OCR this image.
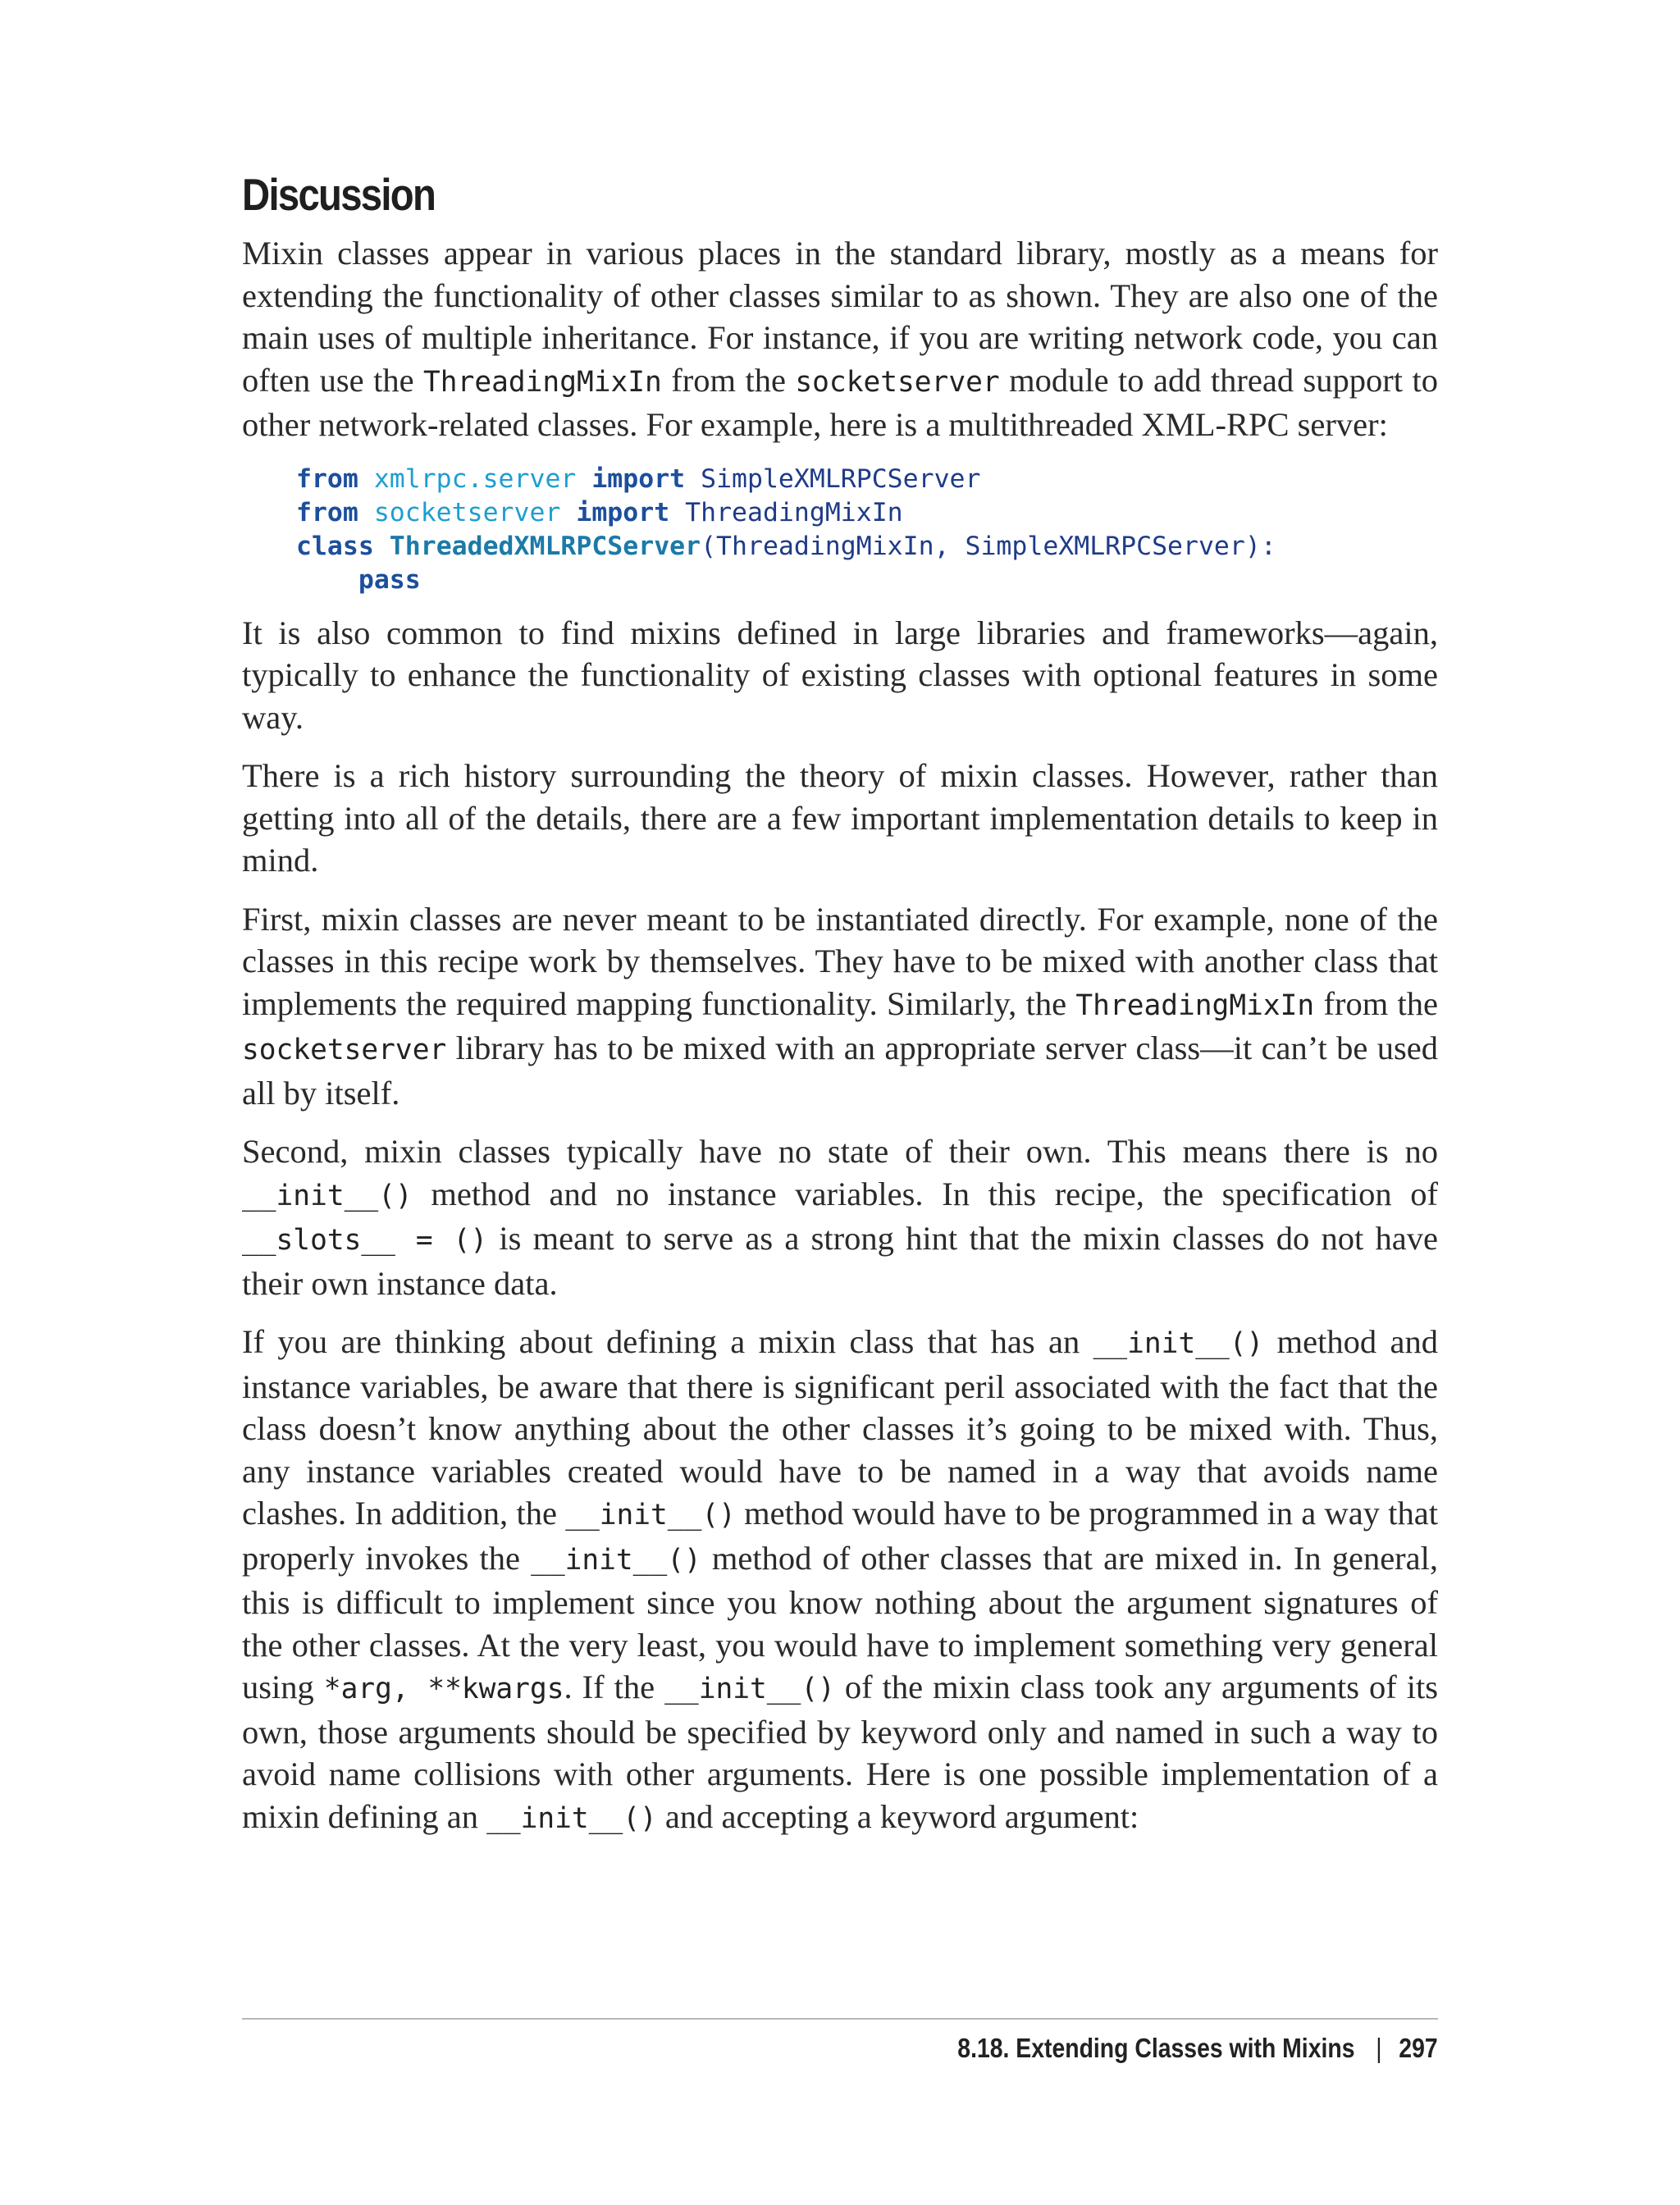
Discussion

Mixin classes appear in various places in the standard library, mostly as a means for extending the functionality of other classes similar to as shown. They are also one of the main uses of multiple inheritance. For instance, if you are writing network code, you can often use the ThreadingMixIn from the socketserver module to add thread support to other network-related classes. For example, here is a multithreaded XML-RPC server:

from xmlrpc.server import SimpleXMLRPCServer
from socketserver import ThreadingMixIn
class ThreadedXMLRPCServer(ThreadingMixIn, SimpleXMLRPCServer):
pass

It is also common to find mixins defined in large libraries and frameworks—again, typically to enhance the functionality of existing classes with optional features in some way.

There is a rich history surrounding the theory of mixin classes. However, rather than getting into all of the details, there are a few important implementation details to keep in mind.

First, mixin classes are never meant to be instantiated directly. For example, none of the classes in this recipe work by themselves. They have to be mixed with another class that implements the required mapping functionality. Similarly, the ThreadingMixIn from the socketserver library has to be mixed with an appropriate server class—it can’t be used all by itself.

Second, mixin classes typically have no state of their own. This means there is no __init__() method and no instance variables. In this recipe, the specification of __slots__ = () is meant to serve as a strong hint that the mixin classes do not have their own instance data.

If you are thinking about defining a mixin class that has an __init__() method and instance variables, be aware that there is significant peril associated with the fact that the class doesn’t know anything about the other classes it’s going to be mixed with. Thus, any instance variables created would have to be named in a way that avoids name clashes. In addition, the __init__() method would have to be programmed in a way that properly invokes the __init__() method of other classes that are mixed in. In general, this is difficult to implement since you know nothing about the argument signatures of the other classes. At the very least, you would have to implement something very general using *arg, **kwargs. If the __init__() of the mixin class took any arguments of its own, those arguments should be specified by keyword only and named in such a way to avoid name collisions with other arguments. Here is one possible implementation of a mixin defining an __init__() and accepting a keyword argument:

8.18. Extending Classes with Mixins | 297
